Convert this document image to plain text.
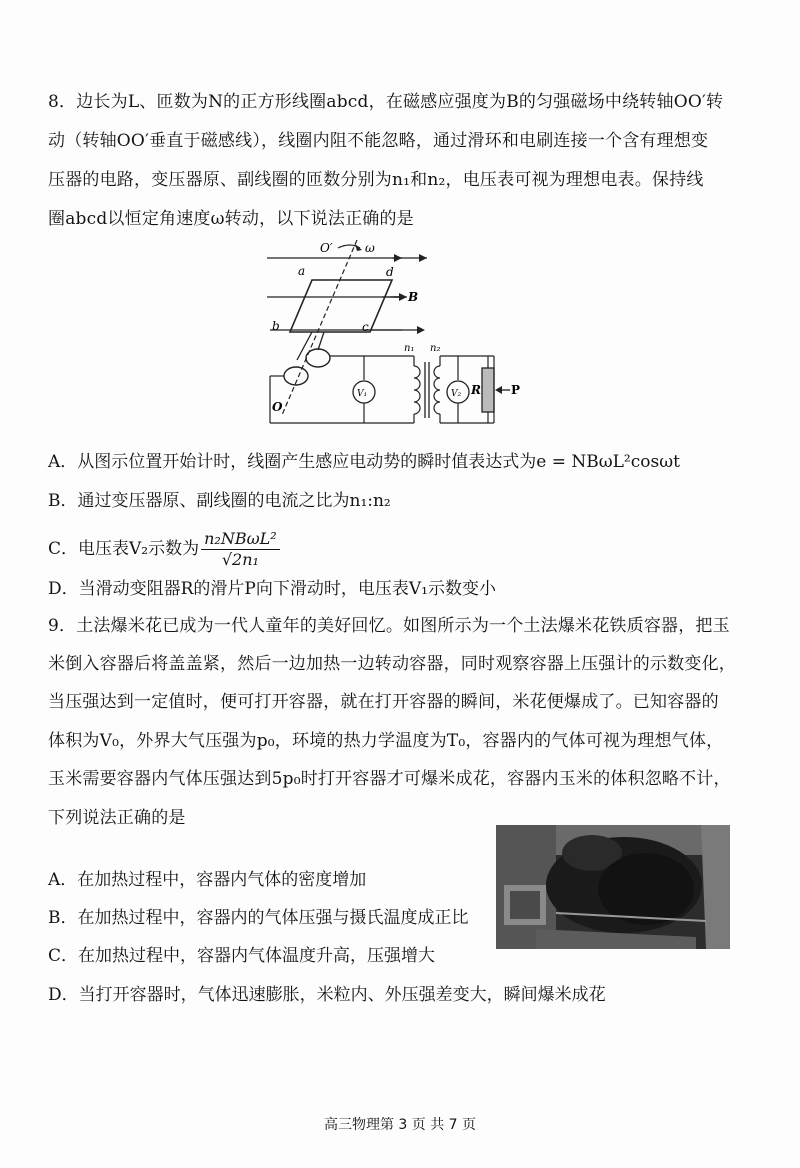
8．边长为L、匝数为N的正方形线圈abcd，在磁感应强度为B的匀强磁场中绕转轴OO′转
动（转轴OO′垂直于磁感线），线圈内阻不能忽略，通过滑环和电刷连接一个含有理想变
压器的电路，变压器原、副线圈的匝数分别为n₁和n₂，电压表可视为理想电表。保持线
圈abcd以恒定角速度ω转动，以下说法正确的是
O′	ω
a	d
b	c
B
O
n₁ n₂
V₁	V₂ R	P
A．从图示位置开始计时，线圈产生感应电动势的瞬时值表达式为e = NBωL²cosωt
B．通过变压器原、副线圈的电流之比为n₁:n₂
C．电压表V₂示数为 $\frac{\text{n₂NBωL²}}{\text{√2n₁}}$
D．当滑动变阻器R的滑片P向下滑动时，电压表V₁示数变小
9．土法爆米花已成为一代人童年的美好回忆。如图所示为一个土法爆米花铁质容器，把玉
米倒入容器后将盖盖紧，然后一边加热一边转动容器，同时观察容器上压强计的示数变化，
当压强达到一定值时，便可打开容器，就在打开容器的瞬间，米花便爆成了。已知容器的
体积为V₀，外界大气压强为p₀，环境的热力学温度为T₀，容器内的气体可视为理想气体，
玉米需要容器内气体压强达到5p₀时打开容器才可爆米成花，容器内玉米的体积忽略不计，
下列说法正确的是
A．在加热过程中，容器内气体的密度增加
B．在加热过程中，容器内的气体压强与摄氏温度成正比
C．在加热过程中，容器内气体温度升高，压强增大
D．当打开容器时，气体迅速膨胀，米粒内、外压强差变大，瞬间爆米成花
高三物理第 3 页 共 7 页
